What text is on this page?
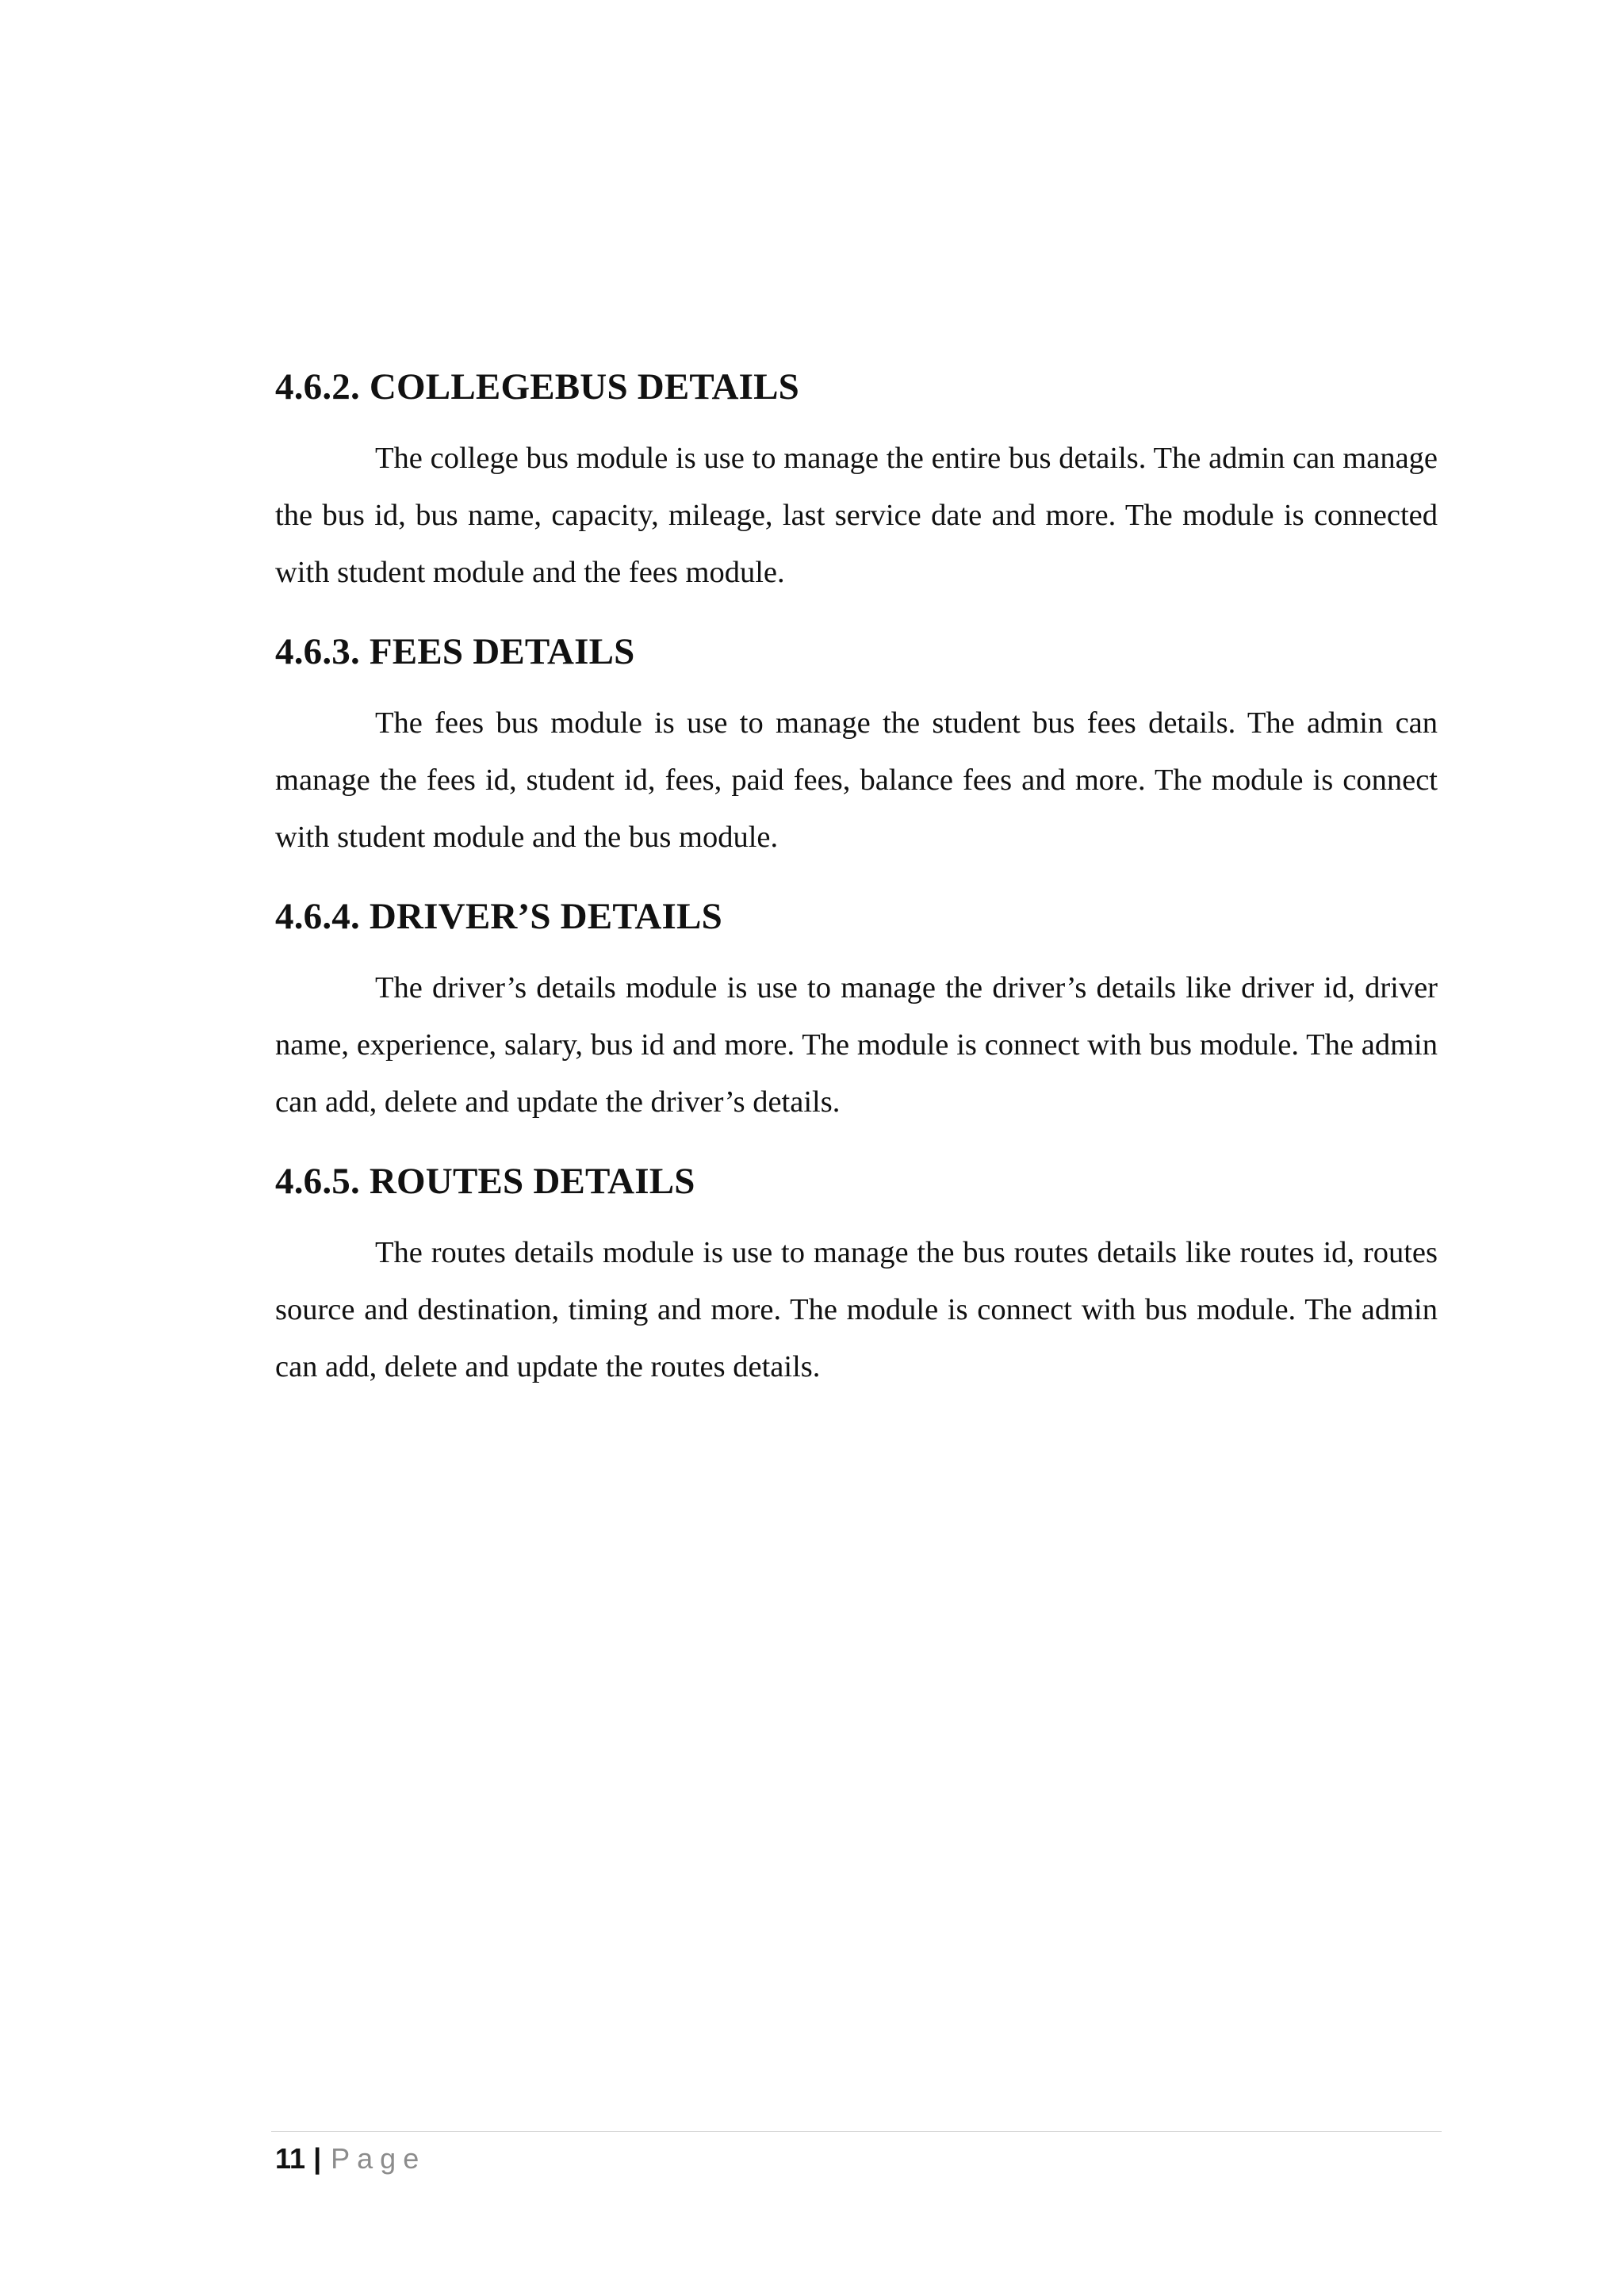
4.6.2. COLLEGEBUS DETAILS

The college bus module is use to manage the entire bus details. The admin can manage the bus id, bus name, capacity, mileage, last service date and more. The module is connected with student module and the fees module.

4.6.3. FEES DETAILS

The fees bus module is use to manage the student bus fees details. The admin can manage the fees id, student id, fees, paid fees, balance fees and more. The module is connect with student module and the bus module.

4.6.4. DRIVER’S DETAILS

The driver’s details module is use to manage the driver’s details like driver id, driver name, experience, salary, bus id and more. The module is connect with bus module. The admin can add, delete and update the driver’s details.

4.6.5. ROUTES DETAILS

The routes details module is use to manage the bus routes details like routes id, routes source and destination, timing and more. The module is connect with bus module. The admin can add, delete and update the routes details.

11 | Page
